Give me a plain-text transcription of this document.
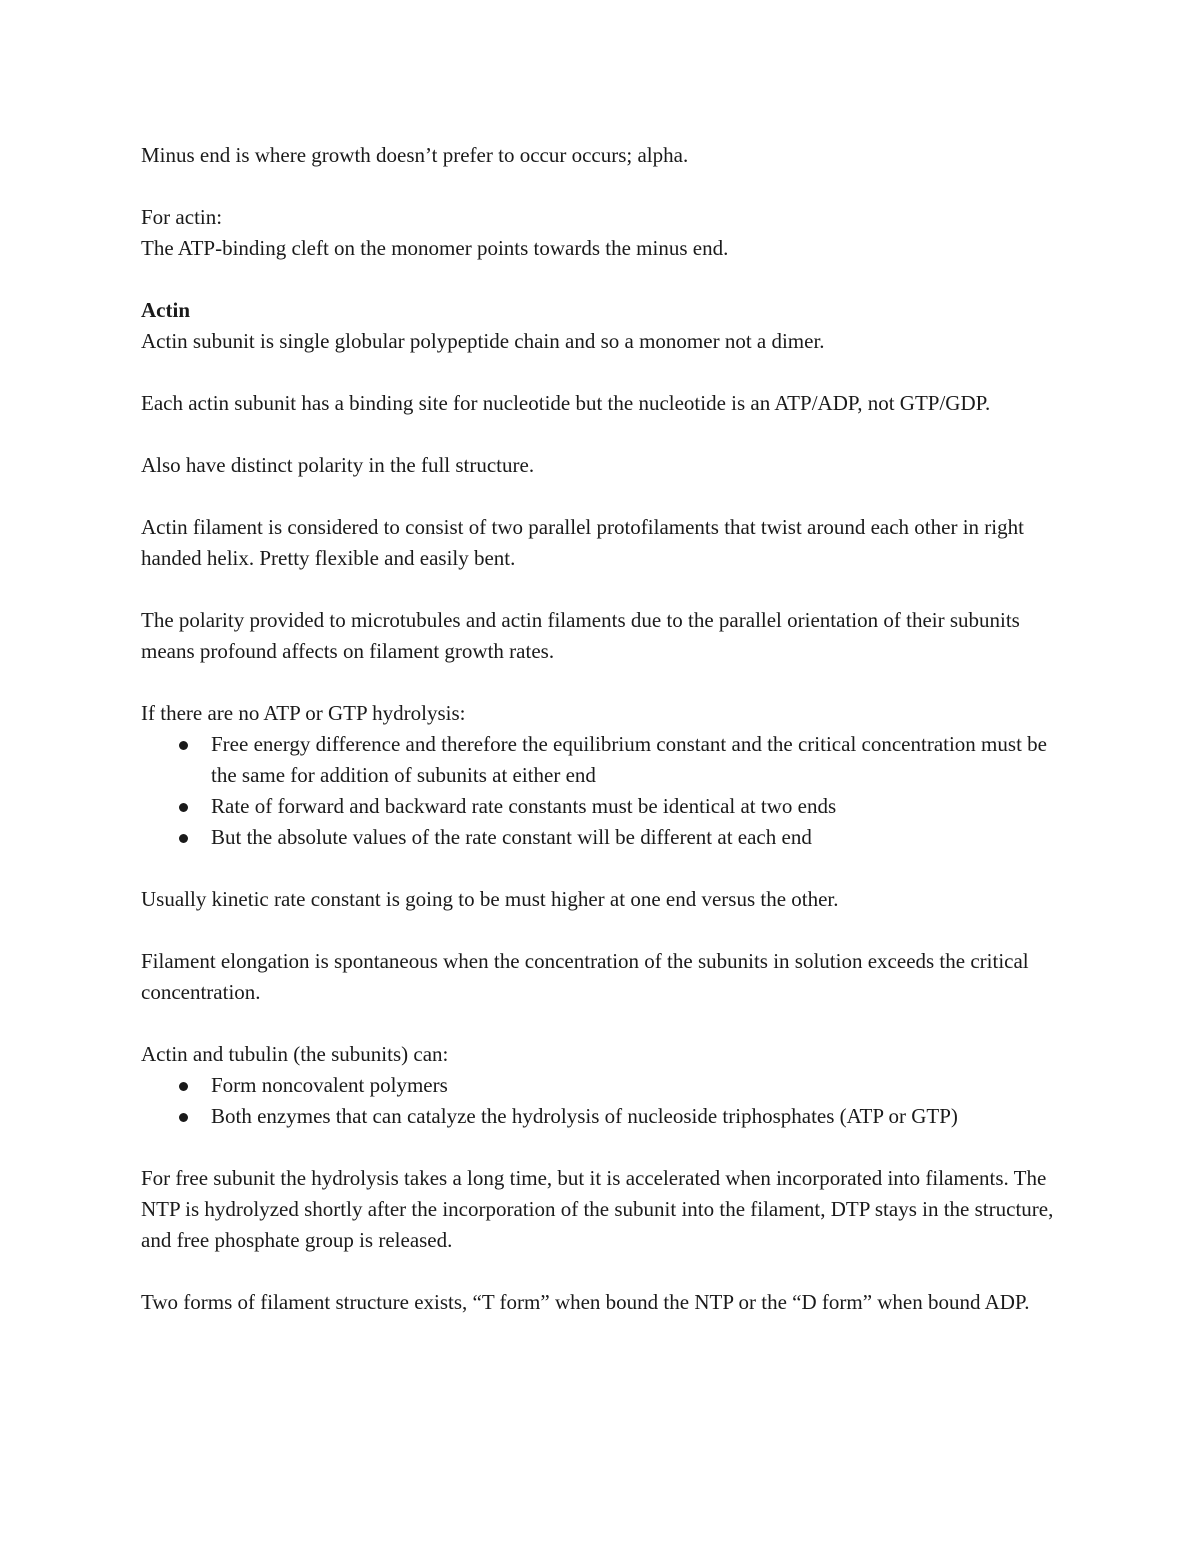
Minus end is where growth doesn’t prefer to occur occurs; alpha.

For actin:

The ATP-binding cleft on the monomer points towards the minus end.

Actin

Actin subunit is single globular polypeptide chain and so a monomer not a dimer.

Each actin subunit has a binding site for nucleotide but the nucleotide is an ATP/ADP, not GTP/GDP.

Also have distinct polarity in the full structure.

Actin filament is considered to consist of two parallel protofilaments that twist around each other in right handed helix. Pretty flexible and easily bent.

The polarity provided to microtubules and actin filaments due to the parallel orientation of their subunits means profound affects on filament growth rates.

If there are no ATP or GTP hydrolysis:

Free energy difference and therefore the equilibrium constant and the critical concentration must be the same for addition of subunits at either end
Rate of forward and backward rate constants must be identical at two ends
But the absolute values of the rate constant will be different at each end

Usually kinetic rate constant is going to be must higher at one end versus the other.

Filament elongation is spontaneous when the concentration of the subunits in solution exceeds the critical concentration.

Actin and tubulin (the subunits) can:

Form noncovalent polymers
Both enzymes that can catalyze the hydrolysis of nucleoside triphosphates (ATP or GTP)

For free subunit the hydrolysis takes a long time, but it is accelerated when incorporated into filaments. The NTP is hydrolyzed shortly after the incorporation of the subunit into the filament, DTP stays in the structure, and free phosphate group is released.

Two forms of filament structure exists, “T form” when bound the NTP or the “D form” when bound ADP.
